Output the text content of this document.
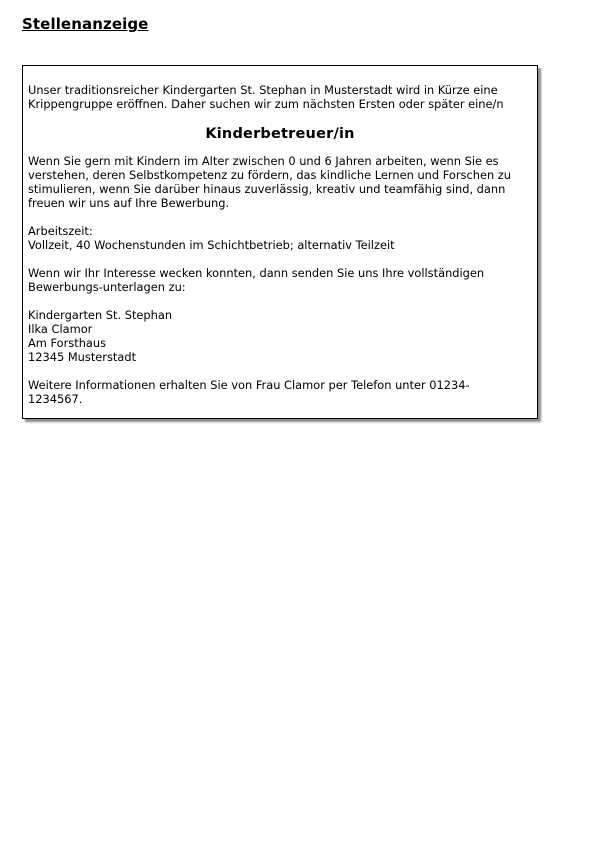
Stellenanzeige

Unser traditionsreicher Kindergarten St. Stephan in Musterstadt wird in Kürze eine
Krippengruppe eröffnen. Daher suchen wir zum nächsten Ersten oder später eine/n

Kinderbetreuer/in

Wenn Sie gern mit Kindern im Alter zwischen 0 und 6 Jahren arbeiten, wenn Sie es
verstehen, deren Selbstkompetenz zu fördern, das kindliche Lernen und Forschen zu
stimulieren, wenn Sie darüber hinaus zuverlässig, kreativ und teamfähig sind, dann
freuen wir uns auf Ihre Bewerbung.

Arbeitszeit:
Vollzeit, 40 Wochenstunden im Schichtbetrieb; alternativ Teilzeit

Wenn wir Ihr Interesse wecken konnten, dann senden Sie uns Ihre vollständigen
Bewerbungs-unterlagen zu:

Kindergarten St. Stephan
Ilka Clamor
Am Forsthaus
12345 Musterstadt

Weitere Informationen erhalten Sie von Frau Clamor per Telefon unter 01234-
1234567.
